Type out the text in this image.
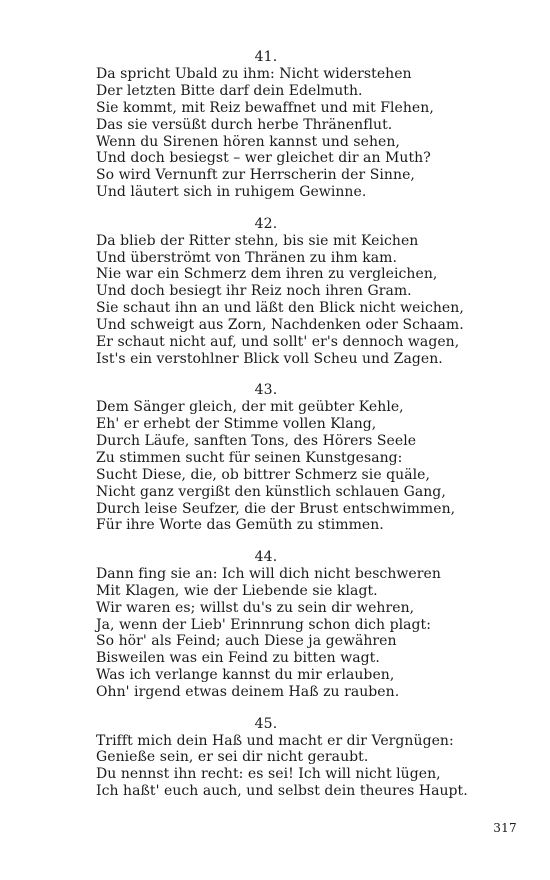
41.
Da spricht Ubald zu ihm: Nicht widerstehen
Der letzten Bitte darf dein Edelmuth.
Sie kommt, mit Reiz bewaffnet und mit Flehen,
Das sie versüßt durch herbe Thränenflut.
Wenn du Sirenen hören kannst und sehen,
Und doch besiegst – wer gleichet dir an Muth?
So wird Vernunft zur Herrscherin der Sinne,
Und läutert sich in ruhigem Gewinne.
42.
Da blieb der Ritter stehn, bis sie mit Keichen
Und überströmt von Thränen zu ihm kam.
Nie war ein Schmerz dem ihren zu vergleichen,
Und doch besiegt ihr Reiz noch ihren Gram.
Sie schaut ihn an und läßt den Blick nicht weichen,
Und schweigt aus Zorn, Nachdenken oder Schaam.
Er schaut nicht auf, und sollt' er's dennoch wagen,
Ist's ein verstohlner Blick voll Scheu und Zagen.
43.
Dem Sänger gleich, der mit geübter Kehle,
Eh' er erhebt der Stimme vollen Klang,
Durch Läufe, sanften Tons, des Hörers Seele
Zu stimmen sucht für seinen Kunstgesang:
Sucht Diese, die, ob bittrer Schmerz sie quäle,
Nicht ganz vergißt den künstlich schlauen Gang,
Durch leise Seufzer, die der Brust entschwimmen,
Für ihre Worte das Gemüth zu stimmen.
44.
Dann fing sie an: Ich will dich nicht beschweren
Mit Klagen, wie der Liebende sie klagt.
Wir waren es; willst du's zu sein dir wehren,
Ja, wenn der Lieb' Erinnrung schon dich plagt:
So hör' als Feind; auch Diese ja gewähren
Bisweilen was ein Feind zu bitten wagt.
Was ich verlange kannst du mir erlauben,
Ohn' irgend etwas deinem Haß zu rauben.
45.
Trifft mich dein Haß und macht er dir Vergnügen:
Genieße sein, er sei dir nicht geraubt.
Du nennst ihn recht: es sei! Ich will nicht lügen,
Ich haßt' euch auch, und selbst dein theures Haupt.
317
